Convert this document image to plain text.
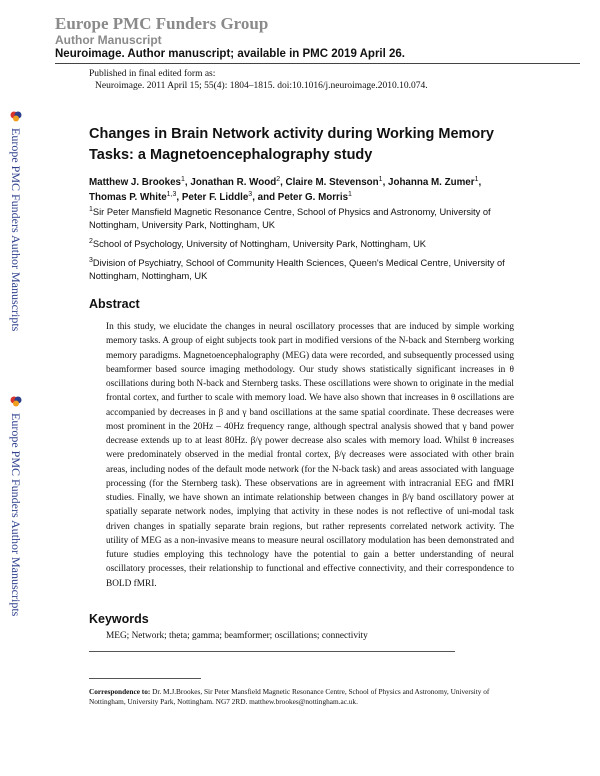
Europe PMC Funders Group
Author Manuscript
Neuroimage. Author manuscript; available in PMC 2019 April 26.
Published in final edited form as:
Neuroimage. 2011 April 15; 55(4): 1804–1815. doi:10.1016/j.neuroimage.2010.10.074.
Changes in Brain Network activity during Working Memory Tasks: a Magnetoencephalography study
Matthew J. Brookes$^1$, Jonathan R. Wood$^2$, Claire M. Stevenson$^1$, Johanna M. Zumer$^1$,
Thomas P. White$^{1,3}$, Peter F. Liddle$^3$, and Peter G. Morris$^1$
$^1$Sir Peter Mansfield Magnetic Resonance Centre, School of Physics and Astronomy, University of Nottingham, University Park, Nottingham, UK
$^2$School of Psychology, University of Nottingham, University Park, Nottingham, UK
$^3$Division of Psychiatry, School of Community Health Sciences, Queen's Medical Centre, University of Nottingham, Nottingham, UK
Abstract
In this study, we elucidate the changes in neural oscillatory processes that are induced by simple working memory tasks. A group of eight subjects took part in modified versions of the N-back and Sternberg working memory paradigms. Magnetoencephalography (MEG) data were recorded, and subsequently processed using beamformer based source imaging methodology. Our study shows statistically significant increases in θ oscillations during both N-back and Sternberg tasks. These oscillations were shown to originate in the medial frontal cortex, and further to scale with memory load. We have also shown that increases in θ oscillations are accompanied by decreases in β and γ band oscillations at the same spatial coordinate. These decreases were most prominent in the 20Hz – 40Hz frequency range, although spectral analysis showed that γ band power decrease extends up to at least 80Hz. β/γ power decrease also scales with memory load. Whilst θ increases were predominately observed in the medial frontal cortex, β/γ decreases were associated with other brain areas, including nodes of the default mode network (for the N-back task) and areas associated with language processing (for the Sternberg task). These observations are in agreement with intracranial EEG and fMRI studies. Finally, we have shown an intimate relationship between changes in β/γ band oscillatory power at spatially separate network nodes, implying that activity in these nodes is not reflective of uni-modal task driven changes in spatially separate brain regions, but rather represents correlated network activity. The utility of MEG as a non-invasive means to measure neural oscillatory modulation has been demonstrated and future studies employing this technology have the potential to gain a better understanding of neural oscillatory processes, their relationship to functional and effective connectivity, and their correspondence to BOLD fMRI.
Keywords
MEG; Network; theta; gamma; beamformer; oscillations; connectivity
Correspondence to: Dr. M.J.Brookes, Sir Peter Mansfield Magnetic Resonance Centre, School of Physics and Astronomy, University of Nottingham, University Park, Nottingham. NG7 2RD. matthew.brookes@nottingham.ac.uk.
Europe PMC Funders Author Manuscripts
Europe PMC Funders Author Manuscripts
